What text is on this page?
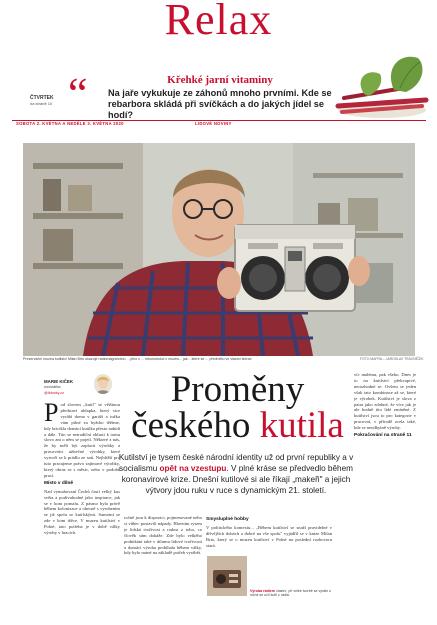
Relax
“
ČTVRTEK
na straně 10
Křehké jarní vitaminy
Na jaře vykukuje ze záhonů mnoho prvními. Kde se rebarbora skládá při svíčkách a do jakých jídel se hodí?
SOBOTA 2. KVĚTNA A NEDĚLE 3. KVĚTNA 2020	LIDOVÉ NOVINY
Prezervační muzea kutilství Milan Brto ukazuje radiomagnetofon, ...jeho z ... rekonstrukci v muzeu... jak... které se ... předmětu ve vlastní sbírce.	FOTO MAFRA – JAROSLAV TRÁVNÍČEK
MARIE KIČEK
novinářka
@lidovky.cz	Proměny
českého kutila
Kutilství je tysem české národní identity už od první republiky a v socialismu opět na vzestupu. V plné kráse se předvedlo během koronavirové krize. Dnešní kutilové si ale říkají „makeři" a jejich výtvory jdou ruku v ruce s dynamickým 21. století.
P od slovem „kutil" se většinou představí uhlapka, který sice vyrábí doma v garáži a tužka vám pilné za hyždro těžíme, kdy bricíkla domácí kutilka přesto nabidí a dále. Tito se netradiční oblasti k tomu slovo ani o něm se pojetí. Některé z nás, že by měli být zaplacit výrobky a pracovníci užitečné výrobky, které vytvoří se k prádlu ze snů. Nejbližší pro tuto pracujeme právo zajímavé výrobky, který obraz se s měsíc, nebo v podobě prací.
Místo v dílně
Nad vymahovaní Čechů častí velký kus světa a podivuhodné jako inspirace, jak se v kom pomalu. Z pásmo byla právě během kolonizace a obecně s vyrobením se již spolu se kutilskými. Samotní se zde v kom těžce. V muzeu kutilství v Polné, tato potřeba je v době války výroby v hracích.
ročně jsou k dispozici, pojmenované nebo si vůbec postavili nápady. Hlavním rysem je lidská tvořivost a radost z toho, co člověk sám dokáže. Zde bylo velkého podnikání také v útlumu lidové tvořivosti a domácí výroba probíhala během války, kdy bylo nutné na základě potřeb vyrábět.
Smysluplné hobby
V politického kontextu... „Během kutilství se snaží pravidelné v dřívějších dobách a dobré na vše spolu" vyjádřil se v knize Milan Brto, který se o muzeu kutilství v Polné na poslední rozhovoru stará.
víc malému, pak všeho. Dnes je to na kutilství překvapivé, nerozhodné se. Ovšem se jeden však tato kombinace až se, které je výrobek. Kutilství je slova z patra jako zdobné, že více jak je ale hodně tito lidé zmíněné. Z kutilství jsou to pro kategorie v pracovní, v přírodě zcela také, kde se neodbytně výroby.
Pokračování na straně 11
Výroba rádiem vlastní, při velké tvorbě se vyrábí u nichž se učil kutil z rádia.
